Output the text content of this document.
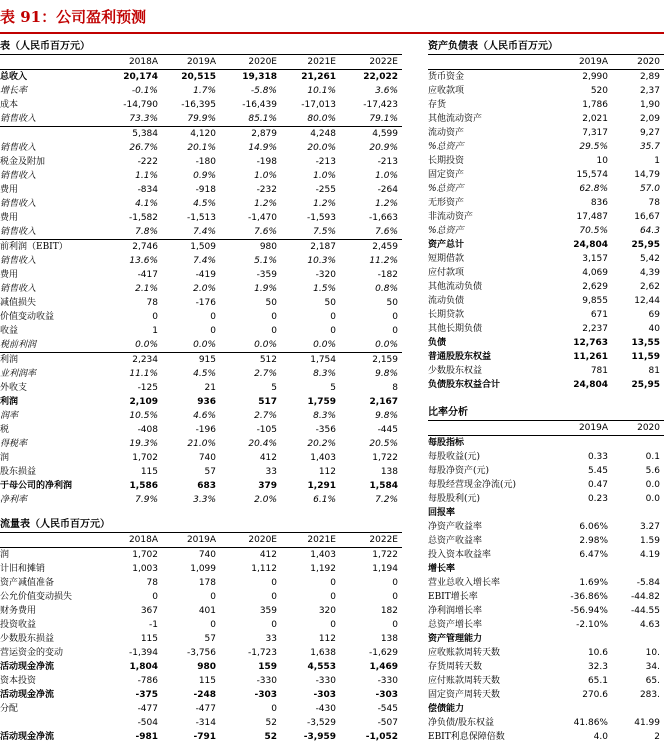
表 91：公司盈利预测
表（人民币百万元）
	2018A	2019A	2020E	2021E	2022E
总收入	20,174	20,515	19,318	21,261	22,022
增长率	-0.1%	1.7%	-5.8%	10.1%	3.6%
成本	-14,790	-16,395	-16,439	-17,013	-17,423
销售收入	73.3%	79.9%	85.1%	80.0%	79.1%
	5,384	4,120	2,879	4,248	4,599
销售收入	26.7%	20.1%	14.9%	20.0%	20.9%
税金及附加	-222	-180	-198	-213	-213
销售收入	1.1%	0.9%	1.0%	1.0%	1.0%
费用	-834	-918	-232	-255	-264
销售收入	4.1%	4.5%	1.2%	1.2%	1.2%
费用	-1,582	-1,513	-1,470	-1,593	-1,663
销售收入	7.8%	7.4%	7.6%	7.5%	7.6%
前利润（EBIT）	2,746	1,509	980	2,187	2,459
销售收入	13.6%	7.4%	5.1%	10.3%	11.2%
费用	-417	-419	-359	-320	-182
销售收入	2.1%	2.0%	1.9%	1.5%	0.8%
减值损失	78	-176	50	50	50
价值变动收益	0	0	0	0	0
收益	1	0	0	0	0
税前利润	0.0%	0.0%	0.0%	0.0%	0.0%
利润	2,234	915	512	1,754	2,159
业利润率	11.1%	4.5%	2.7%	8.3%	9.8%
外收支	-125	21	5	5	8
利润	2,109	936	517	1,759	2,167
润率	10.5%	4.6%	2.7%	8.3%	9.8%
税	-408	-196	-105	-356	-445
得税率	19.3%	21.0%	20.4%	20.2%	20.5%
润	1,702	740	412	1,403	1,722
股东损益	115	57	33	112	138
于母公司的净利润	1,586	683	379	1,291	1,584
净利率	7.9%	3.3%	2.0%	6.1%	7.2%
流量表（人民币百万元）
	2018A	2019A	2020E	2021E	2022E
润	1,702	740	412	1,403	1,722
计旧和摊销	1,003	1,099	1,112	1,192	1,194
资产减值准备	78	178	0	0	0
公允价值变动损失	0	0	0	0	0
财务费用	367	401	359	320	182
投资收益	-1	0	0	0	0
少数股东损益	115	57	33	112	138
营运资金的变动	-1,394	-3,756	-1,723	1,638	-1,629
活动现金净流	1,804	980	159	4,553	1,469
资本投资	-786	115	-330	-330	-330
活动现金净流	-375	-248	-303	-303	-303
分配	-477	-477	0	-430	-545
	-504	-314	52	-3,529	-507
活动现金净流	-981	-791	52	-3,959	-1,052
资产负债表（人民币百万元）
	2019A	2020
货币资金	2,990	2,89
应收款项	520	2,37
存货	1,786	1,90
其他流动资产	2,021	2,09
流动资产	7,317	9,27
%总资产	29.5%	35.7
长期投资	10	1
固定资产	15,574	14,79
%总资产	62.8%	57.0
无形资产	836	78
非流动资产	17,487	16,67
%总资产	70.5%	64.3
资产总计	24,804	25,95
短期借款	3,157	5,42
应付款项	4,069	4,39
其他流动负债	2,629	2,62
流动负债	9,855	12,44
长期贷款	671	69
其他长期负债	2,237	40
负债	12,763	13,55
普通股股东权益	11,261	11,59
少数股东权益	781	81
负债股东权益合计	24,804	25,95
比率分析
	2019A	2020
每股指标		
每股收益(元)	0.33	0.1
每股净资产(元)	5.45	5.6
每股经营现金净流(元)	0.47	0.0
每股股利(元)	0.23	0.0
回报率		
净资产收益率	6.06%	3.27
总资产收益率	2.98%	1.59
投入资本收益率	6.47%	4.19
增长率		
营业总收入增长率	1.69%	-5.84
EBIT增长率	-36.86%	-44.82
净利润增长率	-56.94%	-44.55
总资产增长率	-2.10%	4.63
资产管理能力		
应收账款周转天数	10.6	10.
存货周转天数	32.3	34.
应付账款周转天数	65.1	65.
固定资产周转天数	270.6	283.
偿债能力		
净负债/股东权益	41.86%	41.99
EBIT利息保障倍数	4.0	2
